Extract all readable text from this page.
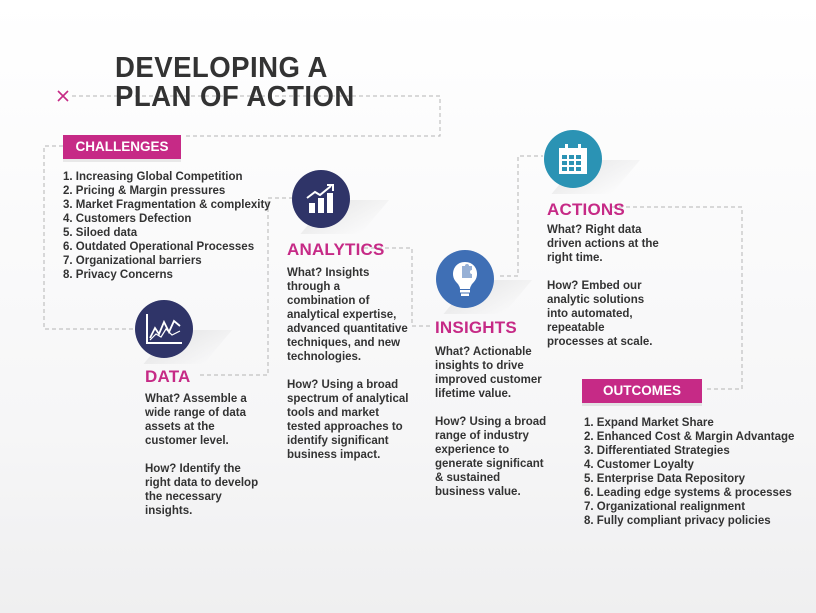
DEVELOPING A
PLAN OF ACTION
CHALLENGES
1. Increasing Global Competition
2. Pricing & Margin pressures
3. Market Fragmentation & complexity
4. Customers Defection
5. Siloed data
6. Outdated Operational Processes
7. Organizational barriers
8. Privacy Concerns
DATA

What? Assemble a wide range of data assets at the customer level.

How? Identify the right data to develop the necessary insights.

ANALYTICS

What? Insights through a combination of analytical expertise, advanced quantitative techniques, and new technologies.

How? Using a broad spectrum of analytical tools and market tested approaches to identify significant business impact.

INSIGHTS

What? Actionable insights to drive improved customer lifetime value.

How? Using a broad range of industry experience to generate significant & sustained business value.

ACTIONS

What? Right data driven actions at the right time.

How? Embed our analytic solutions into automated, repeatable processes at scale.

OUTCOMES
1. Expand Market Share
2. Enhanced Cost & Margin Advantage
3. Differentiated Strategies
4. Customer Loyalty
5. Enterprise Data Repository
6. Leading edge systems & processes
7. Organizational realignment
8. Fully compliant privacy policies
